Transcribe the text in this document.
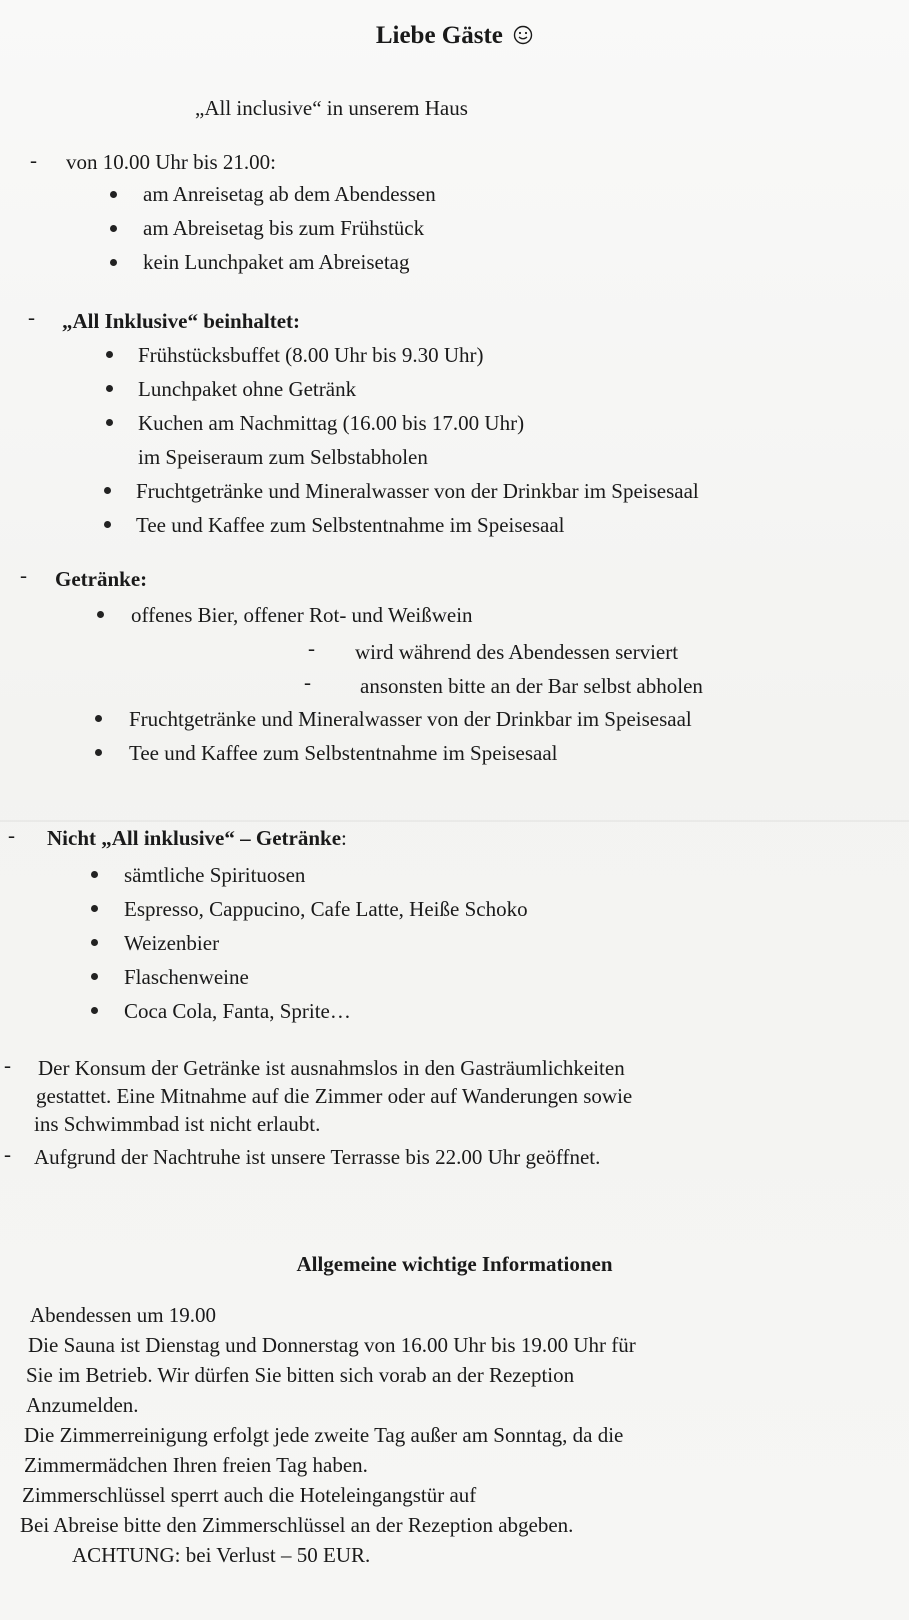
Liebe Gäste
„All inclusive“ in unserem Haus
- von 10.00 Uhr bis 21.00:
am Anreisetag ab dem Abendessen
am Abreisetag bis zum Frühstück
kein Lunchpaket am Abreisetag
- „All Inklusive“ beinhaltet:
Frühstücksbuffet (8.00 Uhr bis 9.30 Uhr)
Lunchpaket ohne Getränk
Kuchen am Nachmittag (16.00 bis 17.00 Uhr)
im Speiseraum zum Selbstabholen
Fruchtgetränke und Mineralwasser von der Drinkbar im Speisesaal
Tee und Kaffee zum Selbstentnahme im Speisesaal
- Getränke:
offenes Bier, offener Rot- und Weißwein
- wird während des Abendessen serviert
- ansonsten bitte an der Bar selbst abholen
Fruchtgetränke und Mineralwasser von der Drinkbar im Speisesaal
Tee und Kaffee zum Selbstentnahme im Speisesaal
- Nicht „All inklusive“ – Getränke:
sämtliche Spirituosen
Espresso, Cappucino, Cafe Latte, Heiße Schoko
Weizenbier
Flaschenweine
Coca Cola, Fanta, Sprite…
- Der Konsum der Getränke ist ausnahmslos in den Gasträumlichkeiten
gestattet. Eine Mitnahme auf die Zimmer oder auf Wanderungen sowie
ins Schwimmbad ist nicht erlaubt.
- Aufgrund der Nachtruhe ist unsere Terrasse bis 22.00 Uhr geöffnet.
Allgemeine wichtige Informationen
Abendessen um 19.00
Die Sauna ist Dienstag und Donnerstag von 16.00 Uhr bis 19.00 Uhr für
Sie im Betrieb. Wir dürfen Sie bitten sich vorab an der Rezeption
Anzumelden.
Die Zimmerreinigung erfolgt jede zweite Tag außer am Sonntag, da die
Zimmermädchen Ihren freien Tag haben.
Zimmerschlüssel sperrt auch die Hoteleingangstür auf
Bei Abreise bitte den Zimmerschlüssel an der Rezeption abgeben.
ACHTUNG: bei Verlust – 50 EUR.
